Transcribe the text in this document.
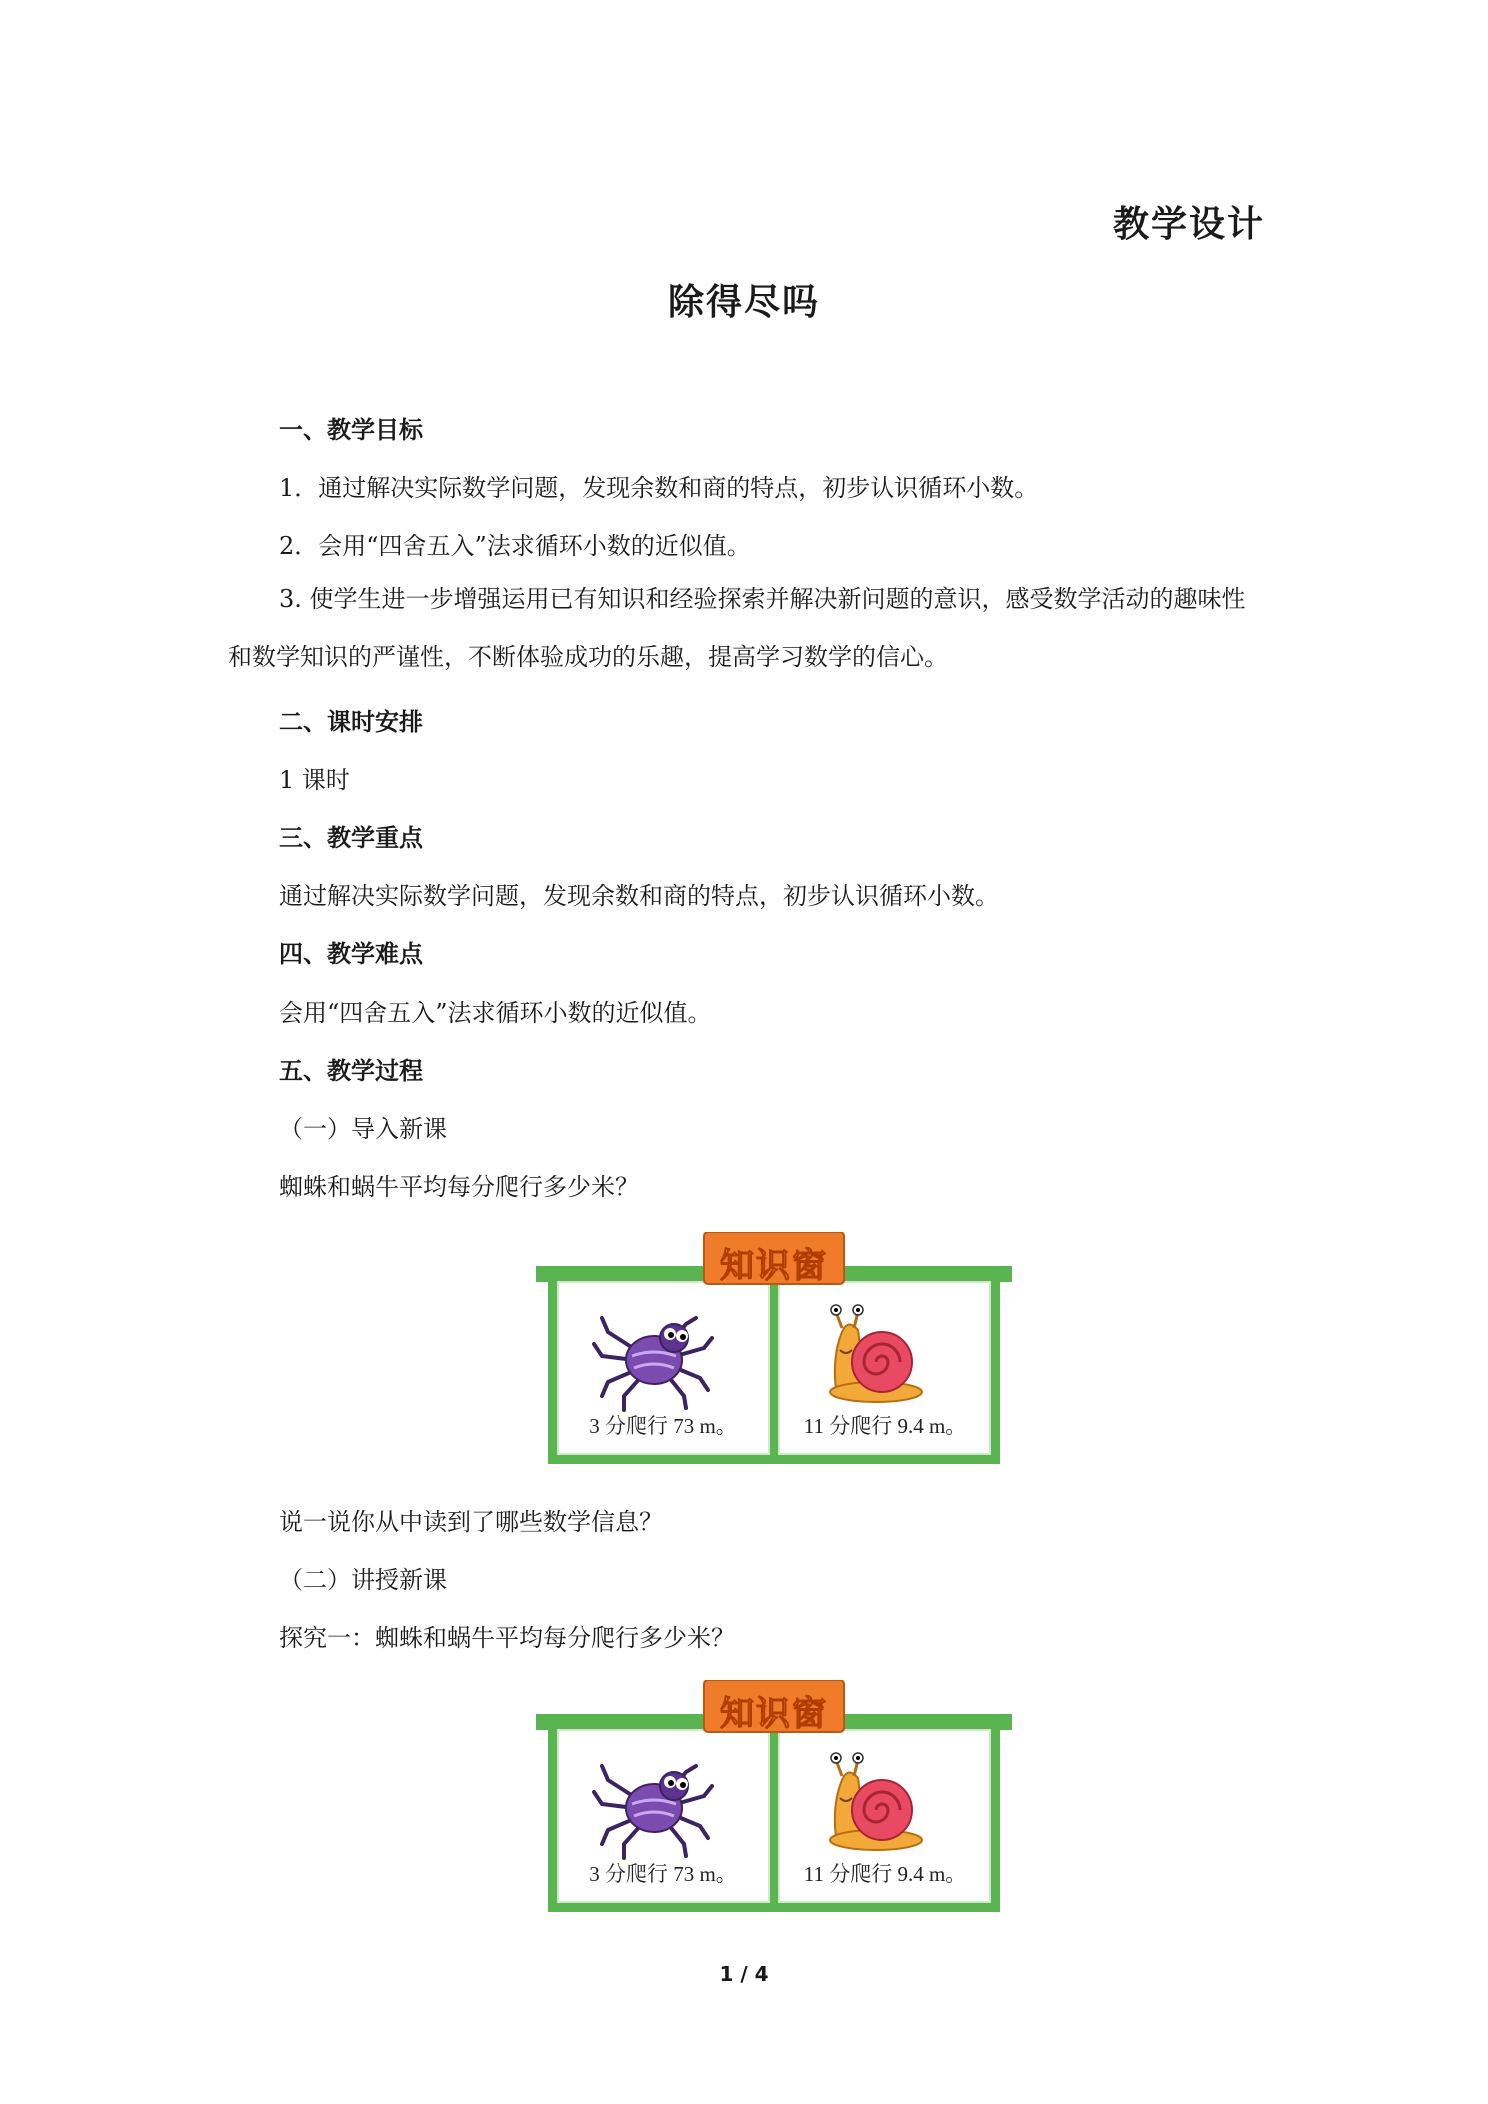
教学设计
除得尽吗
一、教学目标
1．通过解决实际数学问题，发现余数和商的特点，初步认识循环小数。
2．会用“四舍五入”法求循环小数的近似值。
3. 使学生进一步增强运用已有知识和经验探索并解决新问题的意识，感受数学活动的趣味性和数学知识的严谨性，不断体验成功的乐趣，提高学习数学的信心。
二、课时安排
1 课时
三、教学重点
通过解决实际数学问题，发现余数和商的特点，初步认识循环小数。
四、教学难点
会用“四舍五入”法求循环小数的近似值。
五、教学过程
（一）导入新课
蜘蛛和蜗牛平均每分爬行多少米？
知识窗
3 分爬行 73 m。	11 分爬行 9.4 m。
说一说你从中读到了哪些数学信息？
（二）讲授新课
探究一：蜘蛛和蜗牛平均每分爬行多少米？
知识窗
3 分爬行 73 m。	11 分爬行 9.4 m。
1 / 4
